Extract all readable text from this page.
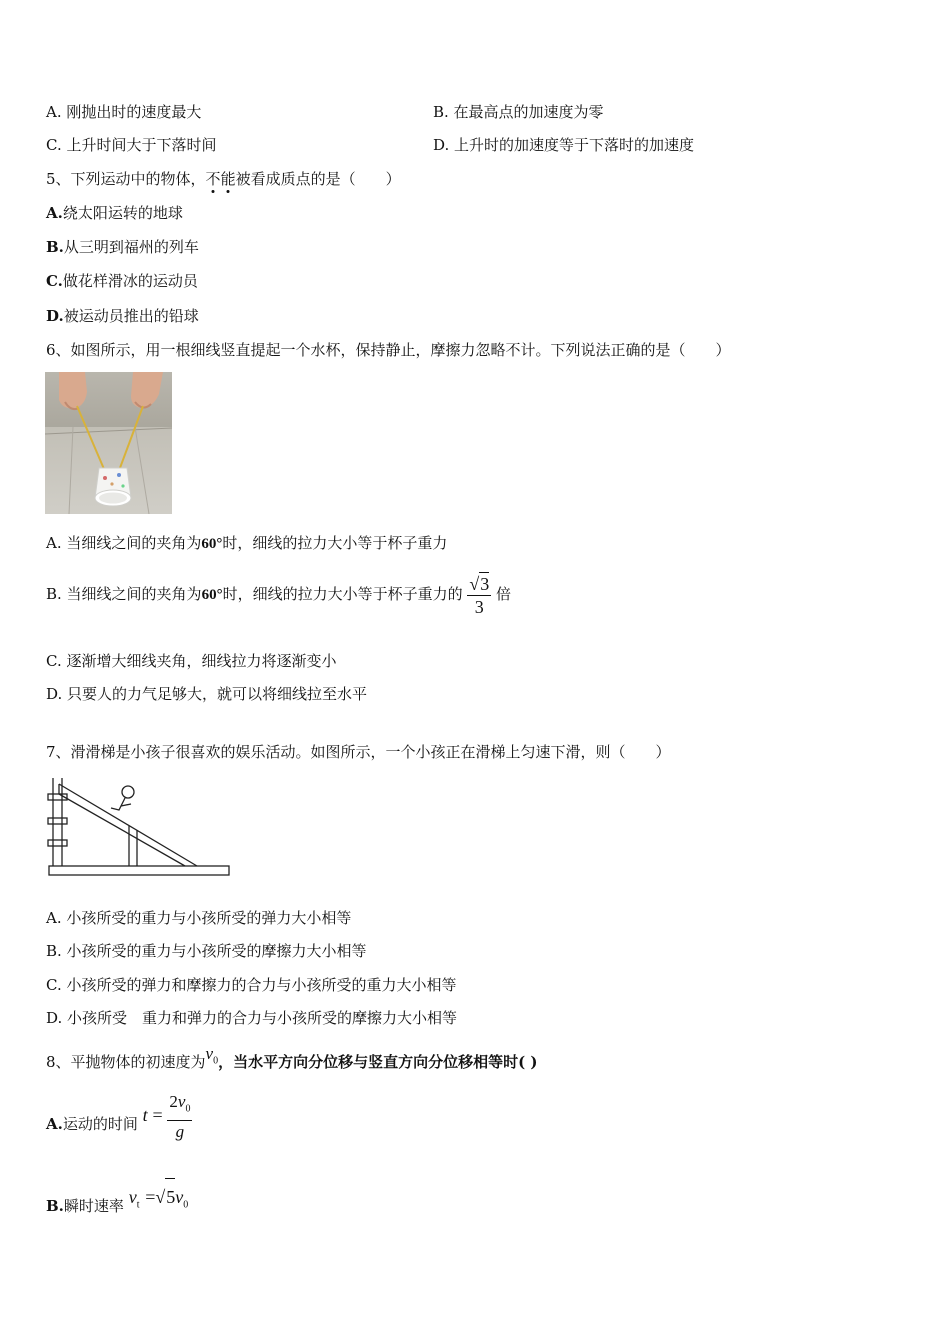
A. 刚抛出时的速度最大	B. 在最高点的加速度为零
C. 上升时间大于下落时间	D. 上升时的加速度等于下落时的加速度
5、下列运动中的物体，不能被看成质点的是（　　）
A.绕太阳运转的地球
B.从三明到福州的列车
C.做花样滑冰的运动员
D.被运动员推出的铅球
6、如图所示，用一根细线竖直提起一个水杯，保持静止，摩擦力忽略不计。下列说法正确的是（　　）
A. 当细线之间的夹角为60°时，细线的拉力大小等于杯子重力
B. 当细线之间的夹角为60°时，细线的拉力大小等于杯子重力的 $\frac{√3}{3}$ 倍
C. 逐渐增大细线夹角，细线拉力将逐渐变小
D. 只要人的力气足够大，就可以将细线拉至水平
7、滑滑梯是小孩子很喜欢的娱乐活动。如图所示，一个小孩正在滑梯上匀速下滑，则（　　）
A. 小孩所受的重力与小孩所受的弹力大小相等
B. 小孩所受的重力与小孩所受的摩擦力大小相等
C. 小孩所受的弹力和摩擦力的合力与小孩所受的重力大小相等
D. 小孩所受　重力和弹力的合力与小孩所受的摩擦力大小相等
8、平抛物体的初速度为$v_0$，当水平方向分位移与竖直方向分位移相等时( )
A.运动的时间 $t = \frac{2v_0}{g}$
B.瞬时速率 $v_t =√5v_0$
